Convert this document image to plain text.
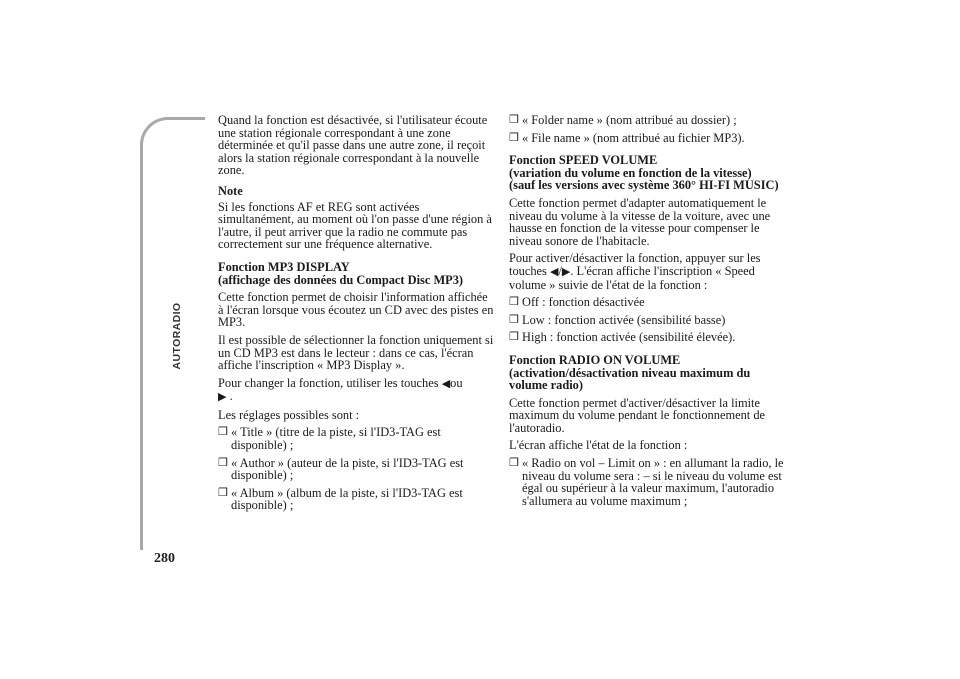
AUTORADIO
280

Quand la fonction est désactivée, si l'utilisateur écoute une station régionale correspondant à une zone déterminée et qu'il passe dans une autre zone, il reçoit alors la station régionale correspondant à la nouvelle zone.

Note

Si les fonctions AF et REG sont activées simultanément, au moment où l'on passe d'une région à l'autre, il peut arriver que la radio ne commute pas correctement sur une fréquence alternative.

Fonction MP3 DISPLAY
(affichage des données du Compact Disc MP3)

Cette fonction permet de choisir l'information affichée à l'écran lorsque vous écoutez un CD avec des pistes en MP3.

Il est possible de sélectionner la fonction uniquement si un CD MP3 est dans le lecteur : dans ce cas, l'écran affiche l'inscription « MP3 Display ».

Pour changer la fonction, utiliser les touches ◀ou
▶ .

Les réglages possibles sont :

❒ « Title » (titre de la piste, si l'ID3-TAG est disponible) ;
❒ « Author » (auteur de la piste, si l'ID3-TAG est disponible) ;
❒ « Album » (album de la piste, si l'ID3-TAG est disponible) ;
❒ « Folder name » (nom attribué au dossier) ;
❒ « File name » (nom attribué au fichier MP3).
Fonction SPEED VOLUME
(variation du volume en fonction de la vitesse)
(sauf les versions avec système 360° HI-FI MUSIC)

Cette fonction permet d'adapter automatiquement le niveau du volume à la vitesse de la voiture, avec une hausse en fonction de la vitesse pour compenser le niveau sonore de l'habitacle.

Pour activer/désactiver la fonction, appuyer sur les touches ◀/▶. L'écran affiche l'inscription « Speed volume » suivie de l'état de la fonction :

❒ Off : fonction désactivée
❒ Low : fonction activée (sensibilité basse)
❒ High : fonction activée (sensibilité élevée).
Fonction RADIO ON VOLUME
(activation/désactivation niveau maximum du volume radio)

Cette fonction permet d'activer/désactiver la limite maximum du volume pendant le fonctionnement de l'autoradio.

L'écran affiche l'état de la fonction :

❒ « Radio on vol – Limit on » : en allumant la radio, le niveau du volume sera : – si le niveau du volume est égal ou supérieur à la valeur maximum, l'autoradio s'allumera au volume maximum ;
